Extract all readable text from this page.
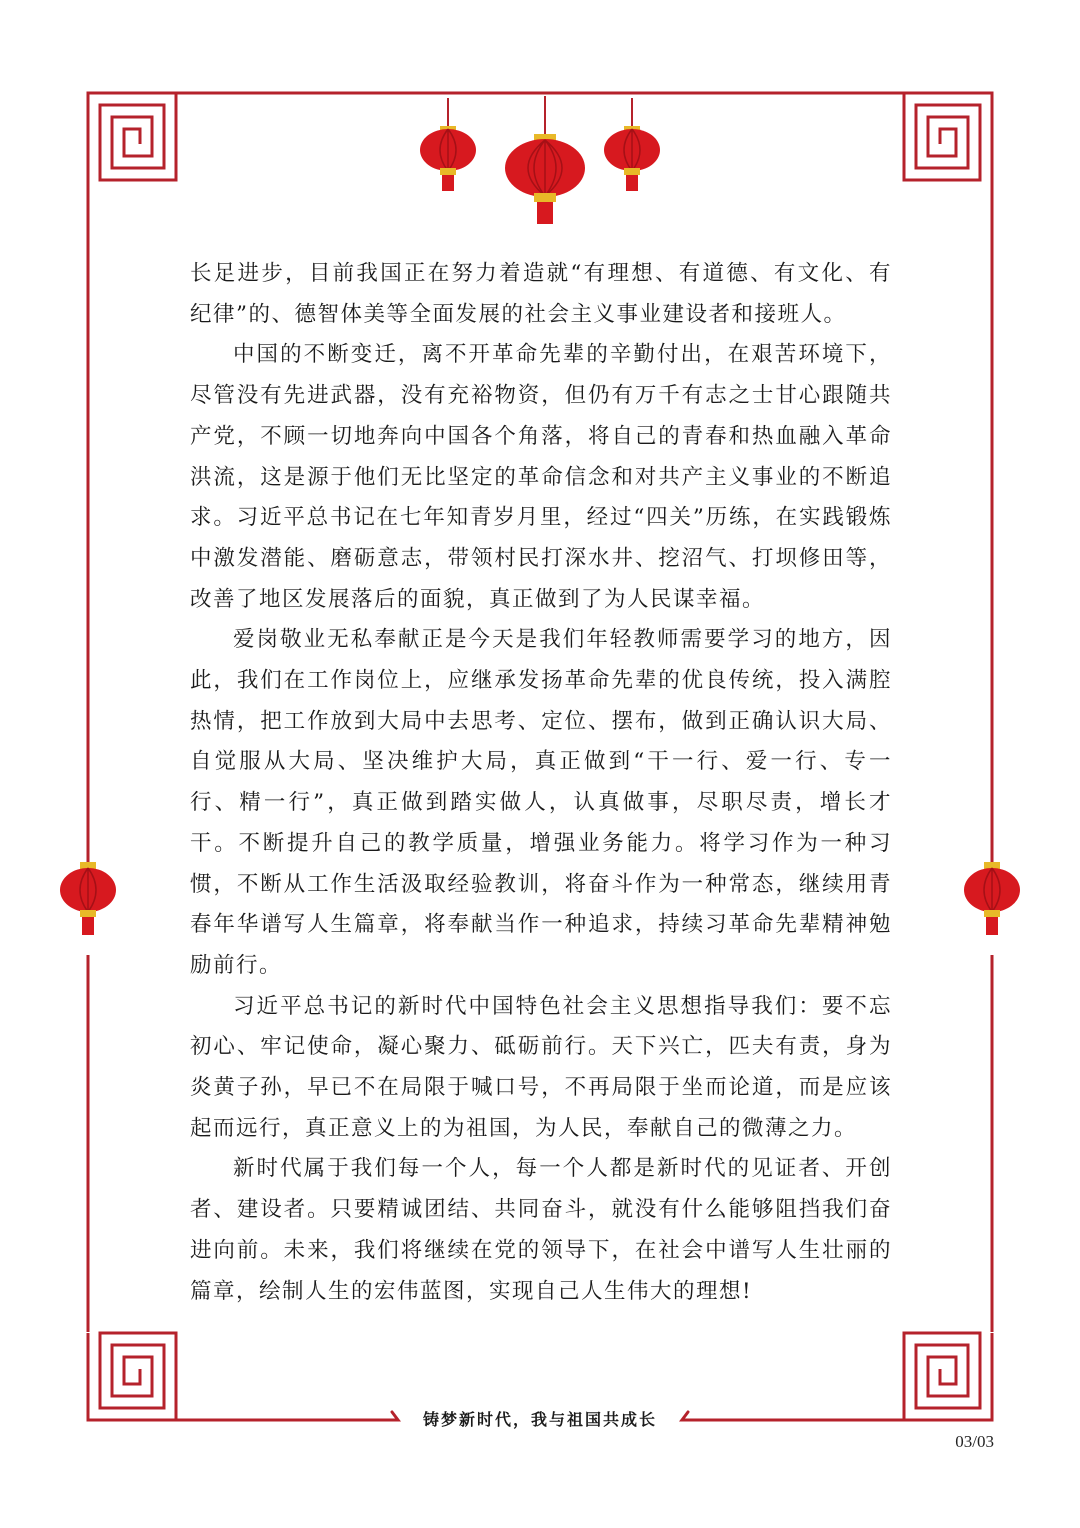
长足进步，目前我国正在努力着造就“有理想、有道德、有文化、有纪律”的、德智体美等全面发展的社会主义事业建设者和接班人。

中国的不断变迁，离不开革命先辈的辛勤付出，在艰苦环境下，尽管没有先进武器，没有充裕物资，但仍有万千有志之士甘心跟随共产党，不顾一切地奔向中国各个角落，将自己的青春和热血融入革命洪流，这是源于他们无比坚定的革命信念和对共产主义事业的不断追求。习近平总书记在七年知青岁月里，经过“四关”历练，在实践锻炼中激发潜能、磨砺意志，带领村民打深水井、挖沼气、打坝修田等，改善了地区发展落后的面貌，真正做到了为人民谋幸福。

爱岗敬业无私奉献正是今天是我们年轻教师需要学习的地方，因此，我们在工作岗位上，应继承发扬革命先辈的优良传统，投入满腔热情，把工作放到大局中去思考、定位、摆布，做到正确认识大局、自觉服从大局、坚决维护大局，真正做到“干一行、爱一行、专一行、精一行”，真正做到踏实做人，认真做事，尽职尽责，增长才干。不断提升自己的教学质量，增强业务能力。将学习作为一种习惯，不断从工作生活汲取经验教训，将奋斗作为一种常态，继续用青春年华谱写人生篇章，将奉献当作一种追求，持续习革命先辈精神勉励前行。

习近平总书记的新时代中国特色社会主义思想指导我们：要不忘初心、牢记使命，凝心聚力、砥砺前行。天下兴亡，匹夫有责，身为炎黄子孙，早已不在局限于喊口号，不再局限于坐而论道，而是应该起而远行，真正意义上的为祖国，为人民，奉献自己的微薄之力。

新时代属于我们每一个人，每一个人都是新时代的见证者、开创者、建设者。只要精诚团结、共同奋斗，就没有什么能够阻挡我们奋进向前。未来，我们将继续在党的领导下，在社会中谱写人生壮丽的篇章，绘制人生的宏伟蓝图，实现自己人生伟大的理想!

铸梦新时代，我与祖国共成长
03/03
